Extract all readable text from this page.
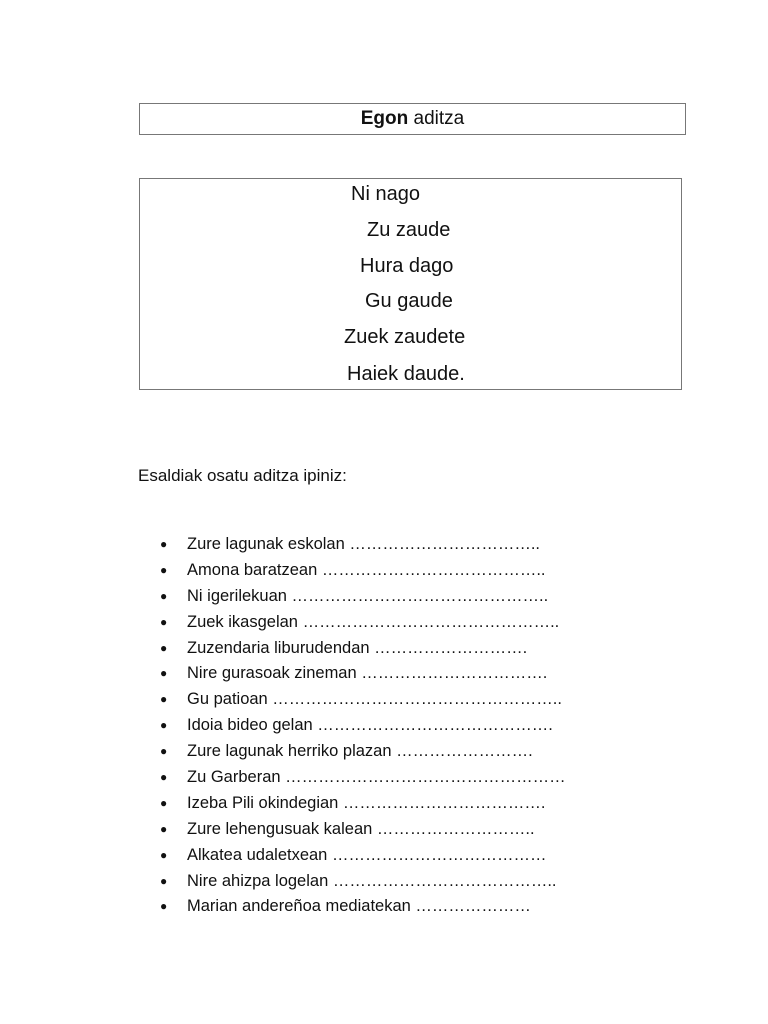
Egon aditza
Ni nago
Zu zaude
Hura dago
Gu gaude
Zuek zaudete
Haiek daude.
Esaldiak osatu aditza ipiniz:
● Zure lagunak eskolan ……………………………..
● Amona baratzean …………………………………..
● Ni igerilekuan ………………………………………..
● Zuek ikasgelan ………………………………………..
● Zuzendaria liburudendan ……………………….
● Nire gurasoak zineman …………………………….
● Gu patioan ……………………………………………..
● Idoia bideo gelan …………………………………….
● Zure lagunak herriko plazan …………………….
● Zu Garberan ……………………………………………
● Izeba Pili okindegian ……………………………….
● Zure lehengusuak kalean ………………………..
● Alkatea udaletxean …………………………………
● Nire ahizpa logelan …………………………………..
● Marian andereñoa mediatekan …………………
